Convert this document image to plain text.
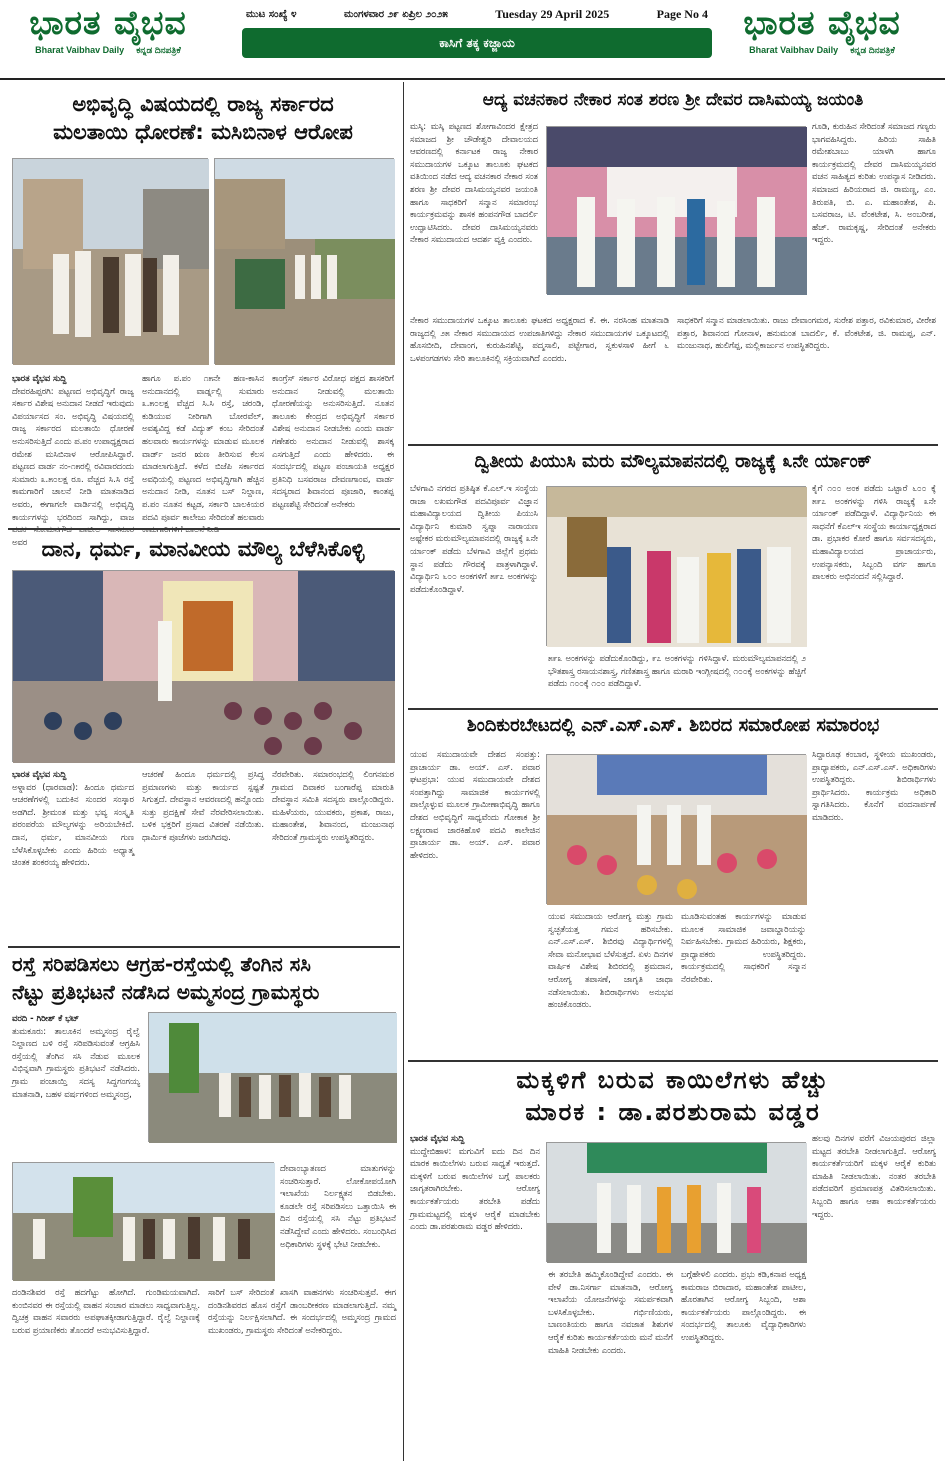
ಭಾರತ ವೈಭವ
Bharat Vaibhav Daily ಕನ್ನಡ ದಿನಪತ್ರಿಕೆ
ಮುಟ ಸಂಖ್ಯೆ ೪	ಮಂಗಳವಾರ ೨೯ ಏಪ್ರಿಲ ೨೦೨೫	Tuesday 29 April 2025	Page No 4
ಕಾಸಿಗೆ ತಕ್ಕ ಕಜ್ಜಾಯ
ಭಾರತ ವೈಭವ
Bharat Vaibhav Daily ಕನ್ನಡ ದಿನಪತ್ರಿಕೆ
ಅಭಿವೃದ್ಧಿ ವಿಷಯದಲ್ಲಿ ರಾಜ್ಯ ಸರ್ಕಾರದ
ಮಲತಾಯಿ ಧೋರಣೆ: ಮಸಿಬಿನಾಳ ಆರೋಪ
ಭಾರತ ವೈಭವ ಸುದ್ದಿ
ದೇವರಹಿಪ್ಪರಗಿ: ಪಟ್ಟಣದ ಅಭಿವೃದ್ಧಿಗೆ ರಾಜ್ಯ ಸರ್ಕಾರ ವಿಶೇಷ ಅನುದಾನ ನೀಡದೆ ಇರುವುದು ವಿಪರ್ಯಾಸದ ಸಂ. ಅಭಿವೃದ್ಧಿ ವಿಷಯದಲ್ಲಿ ರಾಜ್ಯ ಸರ್ಕಾರದ ಮಲತಾಯಿ ಧೋರಣೆ ಅನುಸರಿಸುತ್ತಿದೆ ಎಂದು ಪ.ಪಂ ಉಪಾಧ್ಯಕ್ಷರಾದ ರಮೇಶ ಮಸಿಬಿನಾಳ ಆರೋಪಿಸಿದ್ದಾರೆ. ಪಟ್ಟಣದ ವಾರ್ಡ ನಂ-೧೫ರಲ್ಲಿ ರವಿವಾರದಂದು ಸುಮಾರು ೩.೫೦ಲಕ್ಷ ರೂ. ವೆಚ್ಚದ ಸಿ.ಸಿ ರಸ್ತೆ ಕಾಮಗಾರಿಗೆ ಚಾಲನೆ ನೀಡಿ ಮಾತನಾಡಿದ ಅವರು, ಈಗಾಗಲೇ ವಾರ್ಡಿನಲ್ಲಿ ಅಭಿವೃದ್ಧಿ ಕಾರ್ಯಗಳನ್ನು ಭರದಿಂದ ಸಾಗಿದ್ದು, ವಾಜ ಅವರ
ಹಾಗೂ ಪ.ಪಂ ೧೫ನೇ ಹಣ-ಕಾಸಿನ ಅನುದಾನದಲ್ಲಿ ವಾರ್ಡ್ನಲ್ಲಿ ಸುಮಾರು ೩.೫೦ಲಕ್ಷ ವೆಚ್ಚದ ಸಿ.ಸಿ ರಸ್ತೆ, ಚರಂಡಿ, ಕುಡಿಯುವ ನೀರಿಗಾಗಿ ಬೋರವೆಲ್, ಅವಶ್ಯವಿದ್ದ ಕಡೆ ವಿದ್ಯುತ್ ಕಂಬ ಸೇರಿದಂತೆ ಹಲವಾರು ಕಾರ್ಯಗಳನ್ನು ಮಾಡುವ ಮೂಲಕ ವಾರ್ಡ್ ಜನರ ಋಣ ತೀರಿಸುವ ಕೆಲಸ ಮಾಡಲಾಗುತ್ತಿದೆ. ಕಳೆದ ಬಿಜೆಪಿ ಸರ್ಕಾರದ ಅವಧಿಯಲ್ಲಿ ಪಟ್ಟಣದ ಅಭಿವೃದ್ಧಿಗಾಗಿ ಹೆಚ್ಚಿನ ಅನುದಾನ ನೀಡಿ, ನೂತನ ಬಸ್ ನಿಲ್ದಾಣ, ಪ.ಪಂ ನೂತನ ಕಟ್ಟಡ, ಸರ್ಕಾರಿ ಬಾಲಕಿಯರ ಪದವಿ ಪೂರ್ವ ಕಾಲೇಜು ಸೇರಿದಂತೆ ಹಲವಾರು
ಕಾಂಗ್ರೆಸ್ ಸರ್ಕಾರ ವಿರೋಧ ಪಕ್ಷದ ಶಾಸಕರಿಗೆ ಅನುದಾನ ನೀಡುವಲ್ಲಿ ಮಲತಾಯಿ ಧೋರಣೆಯನ್ನು ಅನುಸರಿಸುತ್ತಿದೆ. ನೂತನ ತಾಲೂಕು ಕೇಂದ್ರದ ಅಭಿವೃದ್ಧಿಗೆ ಸರ್ಕಾರ ವಿಶೇಷ ಅನುದಾನ ನೀಡಬೇಕು ಎಂದು ವಾರ್ಡ ಗಣೇಶರು ಅನುದಾನ ನೀಡುವಲ್ಲಿ ಶಾಸಕ್ಕ ಎಸಗುತ್ತಿದೆ ಎಂದು ಹೇಳಿದರು. ಈ ಸಂದರ್ಭದಲ್ಲಿ ಪಟ್ಟಣ ಪಂಚಾಯತಿ ಅಧ್ಯಕ್ಷರ ಪ್ರತಿನಿಧಿ ಬಸವರಾಜ ದೇವಣಗಾಂವ, ವಾರ್ಡ ಸದಸ್ಯರಾದ ಶಿವಾನಂದ ಪೂಜಾರಿ, ಕಾಂತಪ್ಪ ಪಟ್ಟಣಶೆಟ್ಟಿ ಸೇರಿದಂತೆ ಅನೇಕರು
ದಾನ, ಧರ್ಮ, ಮಾನವೀಯ ಮೌಲ್ಯ ಬೆಳೆಸಿಕೊಳ್ಳಿ
ಭಾರತ ವೈಭವ ಸುದ್ದಿ
ಅಳ್ನಾವರ (ಧಾರವಾಡ): ಹಿಂದೂ ಧರ್ಮದ ಆಚರಣೆಗಳಲ್ಲಿ ಬದುಕಿನ ಸುಂದರ ಸಂಸ್ಕಾರ ಅಡಗಿದೆ. ಶ್ರೀಮಂತ ಮತ್ತು ಭವ್ಯ ಸಂಸ್ಕೃತಿ ಪರಂಪರೆಯ ಮೌಲ್ಯಗಳನ್ನು ಅರಿಯಬೇಕಿದೆ. ದಾನ, ಧರ್ಮ, ಮಾನವೀಯ ಗುಣ ಬೆಳೆಸಿಕೊಳ್ಳಬೇಕು ಎಂದು ಹಿರಿಯ ಅಧ್ಯಾತ್ಮ ಚಿಂತಕ ಶಂಕರಯ್ಯ ಹೇಳಿದರು.
ಆಚರಣೆ ಹಿಂದೂ ಧರ್ಮದಲ್ಲಿ ಪ್ರಸಿದ್ಧ ಪ್ರಮಾಣಗಳು ಮತ್ತು ಕಾರ್ಯದ ಸ್ಪಷ್ಟತೆ ಸಿಗುತ್ತದೆ. ದೇವಸ್ಥಾನ ಆವರಣದಲ್ಲಿ ಹನ್ನೊಂದು ಸುತ್ತು ಪ್ರದಕ್ಷಿಣೆ ಸೇವೆ ನೆರವೇರಿಸಲಾಯಿತು. ಬಳಿಕ ಭಕ್ತರಿಗೆ ಪ್ರಸಾದ ವಿತರಣೆ ನಡೆಯಿತು. ಧಾರ್ಮಿಕ ಪೂಜೆಗಳು ಜರುಗಿದವು.
ನೆರವೇರಿತು. ಸಮಾರಂಭದಲ್ಲಿ ಲಿಂಗನಮಠ ಗ್ರಾಮದ ದಿವಾಕರ ಬಂಗಾರೆಪ್ಪ ಮಾರುತಿ ದೇವಸ್ಥಾನ ಸಮಿತಿ ಸದಸ್ಯರು ಪಾಲ್ಗೊಂಡಿದ್ದರು. ಮಹಿಳೆಯರು, ಯುವಕರು, ಪ್ರಕಾಶ, ರಾಜು, ಮಹಾಂತೇಶ, ಶಿವಾನಂದ, ಮಂಜುನಾಥ ಸೇರಿದಂತೆ ಗ್ರಾಮಸ್ಥರು ಉಪಸ್ಥಿತರಿದ್ದರು.
ರಸ್ತೆ ಸರಿಪಡಿಸಲು ಆಗ್ರಹ-ರಸ್ತೆಯಲ್ಲಿ ತೆಂಗಿನ ಸಸಿ
ನೆಟ್ಟು ಪ್ರತಿಭಟನೆ ನಡೆಸಿದ ಅಮ್ಮಸಂದ್ರ ಗ್ರಾಮಸ್ಥರು
ವರದಿ - ಗಿರೀಶ್ ಕೆ ಭಟ್
ತುಮಕೂರು: ತಾಲೂಕಿನ ಅಮ್ಮಸಂದ್ರ ರೈಲ್ವೆ ನಿಲ್ದಾಣದ ಬಳಿ ರಸ್ತೆ ಸರಿಪಡಿಸುವಂತೆ ಆಗ್ರಹಿಸಿ ರಸ್ತೆಯಲ್ಲಿ ತೆಂಗಿನ ಸಸಿ ನೆಡುವ ಮೂಲಕ ವಿಭಿನ್ನವಾಗಿ ಗ್ರಾಮಸ್ಥರು ಪ್ರತಿಭಟನೆ ನಡೆಸಿದರು. ಗ್ರಾಮ ಪಂಚಾಯ್ತಿ ಸದಸ್ಯ ಸಿದ್ದಗಂಗಯ್ಯ ಮಾತನಾಡಿ, ಬಹಳ ವರ್ಷಗಳಿಂದ ಅಮ್ಮಸಂದ್ರ,
ದೇವಾಂಬ್ಯಾತಣದ ಮಾತುಗಳನ್ನು ಸಂಚರಿಸುತ್ತಾರೆ. ಲೋಕೋಪಯೋಗಿ ಇಲಾಖೆಯ ನಿರ್ಲಕ್ಷ್ಯತನ ಬಿಡಬೇಕು. ಕೂಡಲೇ ರಸ್ತೆ ಸರಿಪಡಿಸಲು ಒತ್ತಾಯಿಸಿ ಈ ದಿನ ರಸ್ತೆಯಲ್ಲಿ ಸಸಿ ನೆಟ್ಟು ಪ್ರತಿಭಟನೆ ನಡೆಸಿದ್ದೇವೆ ಎಂದು ಹೇಳಿದರು. ಸಂಬಂಧಿಸಿದ ಅಧಿಕಾರಿಗಳು ಸ್ಥಳಕ್ಕೆ ಭೇಟಿ ನೀಡಬೇಕು.
ದಂಡಿನಶಿವರ ರಸ್ತೆ ಹದಗೆಟ್ಟು ಹೋಗಿದೆ. ಗುಂಡಿಮಯವಾಗಿದೆ. ಕುಂಬಿನವರ ಈ ರಸ್ತೆಯಲ್ಲಿ ವಾಹನ ಸಂಚಾರ ಮಾಡಲು ಸಾಧ್ಯವಾಗುತ್ತಿಲ್ಲ. ದ್ವಿಚಕ್ರ ವಾಹನ ಸವಾರರು ಅಪಘಾತಕ್ಕೀಡಾಗುತ್ತಿದ್ದಾರೆ. ರೈಲ್ವೆ ನಿಲ್ದಾಣಕ್ಕೆ ಬರುವ ಪ್ರಯಾಣಿಕರು ತೊಂದರೆ ಅನುಭವಿಸುತ್ತಿದ್ದಾರೆ.
ಸಾರಿಗೆ ಬಸ್ ಸೇರಿದಂತೆ ಖಾಸಗಿ ವಾಹನಗಳು ಸಂಚರಿಸುತ್ತವೆ. ಈಗ ದಂಡಿನಶಿವರದ ಹೊಸ ರಸ್ತೆಗೆ ಡಾಂಬರೀಕರಣ ಮಾಡಲಾಗುತ್ತಿದೆ. ನಮ್ಮ ರಸ್ತೆಯನ್ನು ನಿರ್ಲಕ್ಷಿಸಲಾಗಿದೆ. ಈ ಸಂದರ್ಭದಲ್ಲಿ ಅಮ್ಮಸಂದ್ರ ಗ್ರಾಮದ ಮುಖಂಡರು, ಗ್ರಾಮಸ್ಥರು ಸೇರಿದಂತೆ ಅನೇಕರಿದ್ದರು.
ಆದ್ಯ ವಚನಕಾರ ನೇಕಾರ ಸಂತ ಶರಣ ಶ್ರೀ ದೇವರ ದಾಸಿಮಯ್ಯ ಜಯಂತಿ
ಮಸ್ಕಿ: ಮಸ್ಕಿ ಪಟ್ಟಣದ ಶೋಗಾವಿಂದರ ಕ್ಷೇತ್ರದ ಸಮಾಜದ ಶ್ರೀ ಚೌಡೇಶ್ವರಿ ದೇವಾಲಯದ ಆವರಣದಲ್ಲಿ ಕರ್ನಾಟಕ ರಾಜ್ಯ ನೇಕಾರ ಸಮುದಾಯಗಳ ಒಕ್ಕೂಟ ತಾಲೂಕು ಘಟಕದ ವತಿಯಿಂದ ನಡೆದ ಆದ್ಯ ವಚನಕಾರ ನೇಕಾರ ಸಂತ ಶರಣ ಶ್ರೀ ದೇವರ ದಾಸಿಮಯ್ಯನವರ ಜಯಂತಿ ಹಾಗೂ ಸಾಧಕರಿಗೆ ಸನ್ಮಾನ ಸಮಾರಂಭ ಕಾರ್ಯಕ್ರಮವನ್ನು ಶಾಸಕ ಹಂಪನಗೌಡ ಬಾದರ್ಲಿ ಉದ್ಘಾಟಿಸಿದರು. ದೇವರ ದಾಸಿಮಯ್ಯನವರು ನೇಕಾರ ಸಮುದಾಯದ ಆದರ್ಶ ವ್ಯಕ್ತಿ ಎಂದರು.
ಗೂಡಿ, ಕುರುಹಿನ ಸೇರಿದಂತೆ ಸಮಾಜದ ಗಣ್ಯರು ಭಾಗವಹಿಸಿದ್ದರು. ಹಿರಿಯ ಸಾಹಿತಿ ರಮೇಶಬಾಬು ಯಾಳಗಿ ಹಾಗೂ ಕಾರ್ಯಕ್ರಮದಲ್ಲಿ ದೇವರ ದಾಸಿಮಯ್ಯನವರ ವಚನ ಸಾಹಿತ್ಯದ ಕುರಿತು ಉಪನ್ಯಾಸ ನೀಡಿದರು. ಸಮಾಜದ ಹಿರಿಯರಾದ ಜಿ. ರಾಮಣ್ಣ, ಎಂ. ತಿರುಪತಿ, ಬಿ. ಎ. ಮಹಾಂತೇಶ, ಪಿ. ಬಸವರಾಜ, ಟಿ. ವೆಂಕಟೇಶ, ಸಿ. ಅಂಬರೀಶ, ಹೆಚ್. ರಾಮಕೃಷ್ಣ, ಸೇರಿದಂತೆ ಅನೇಕರು ಇದ್ದರು.
ನೇಕಾರ ಸಮುದಾಯಗಳ ಒಕ್ಕೂಟ ತಾಲೂಕು ಘಟಕದ ಅಧ್ಯಕ್ಷರಾದ ಕೆ. ಈ. ನರಸಿಂಹ ಮಾತನಾಡಿ ರಾಜ್ಯದಲ್ಲಿ ೨೫ ನೇಕಾರ ಸಮುದಾಯದ ಉಪಜಾತಿಗಳಿದ್ದು ನೇಕಾರ ಸಮುದಾಯಗಳ ಒಕ್ಕೂಟದಲ್ಲಿ ಹೊಸಬೀದಿ, ದೇವಾಂಗ, ಕುರುಹಿನಶೆಟ್ಟಿ, ಪದ್ಮಸಾಲಿ, ಪಟ್ಟೇಗಾರ, ಸ್ವಕುಳಸಾಳಿ ಹೀಗೆ ೬ ಒಳಪಂಗಡಗಳು ಸೇರಿ ತಾಲೂಕಿನಲ್ಲಿ ಸಕ್ರಿಯವಾಗಿದೆ ಎಂದರು.
ಸಾಧಕರಿಗೆ ಸನ್ಮಾನ ಮಾಡಲಾಯಿತು. ರಾಜು ದೇವಾಂಗಮಠ, ಸುರೇಶ ಪತ್ತಾರ, ರವಿಕುಮಾರ, ವೀರೇಶ ಪತ್ತಾರ, ಶಿವಾನಂದ ಗೋನಾಳ, ಹನುಮಂತ ಬಾದರ್ಲಿ, ಕೆ. ವೆಂಕಟೇಶ, ಜಿ. ರಾಮಪ್ಪ, ಎನ್. ಮಂಜುನಾಥ, ಹುಲಿಗೆಪ್ಪ, ಮಲ್ಲಿಕಾರ್ಜುನ ಉಪಸ್ಥಿತರಿದ್ದರು.
ದ್ವಿತೀಯ ಪಿಯುಸಿ ಮರು ಮೌಲ್ಯಮಾಪನದಲ್ಲಿ ರಾಜ್ಯಕ್ಕೆ ೩ನೇ ರ್ಯಾಂಕ್
ಬೆಳಗಾವಿ ನಗರದ ಪ್ರತಿಷ್ಠಿತ ಕೆ.ಎಲ್.ಇ ಸಂಸ್ಥೆಯ ರಾಜಾ ಲಖಮಗೌಡ ಪದವಿಪೂರ್ವ ವಿಜ್ಞಾನ ಮಹಾವಿದ್ಯಾಲಯದ ದ್ವಿತೀಯ ಪಿಯುಸಿ ವಿದ್ಯಾರ್ಥಿನಿ ಕುಮಾರಿ ಸ್ವಪ್ನಾ ನಾರಾಯಣ ಅಷ್ಟೇಕರ ಮರುಮೌಲ್ಯಮಾಪನದಲ್ಲಿ ರಾಜ್ಯಕ್ಕೆ ೩ನೇ ರ್ಯಾಂಕ್ ಪಡೆದು ಬೆಳಗಾವಿ ಜಿಲ್ಲೆಗೆ ಪ್ರಥಮ ಸ್ಥಾನ ಪಡೆದು ಗೌರವಕ್ಕೆ ಪಾತ್ರಳಾಗಿದ್ದಾಳೆ. ವಿದ್ಯಾರ್ಥಿನಿ ೬೦೦ ಅಂಕಗಳಿಗೆ ೫೯೭ ಅಂಕಗಳನ್ನು ಪಡೆದುಕೊಂಡಿದ್ದಾಳೆ.
ಕೈಗೆ ೧೦೦ ಅಂಕ ಪಡೆದು ಒಟ್ಟಾರೆ ೬೦೦ ಕ್ಕೆ ೫೯೭ ಅಂಕಗಳನ್ನು ಗಳಿಸಿ ರಾಜ್ಯಕ್ಕೆ ೩ನೇ ರ್ಯಾಂಕ್ ಪಡೆದಿದ್ದಾಳೆ. ವಿದ್ಯಾರ್ಥಿನಿಯ ಈ ಸಾಧನೆಗೆ ಕೆಎಲ್ಇ ಸಂಸ್ಥೆಯ ಕಾರ್ಯಾಧ್ಯಕ್ಷರಾದ ಡಾ. ಪ್ರಭಾಕರ ಕೋರೆ ಹಾಗೂ ಸರ್ವಸದಸ್ಯರು, ಮಹಾವಿದ್ಯಾಲಯದ ಪ್ರಾಚಾರ್ಯರು, ಉಪನ್ಯಾಸಕರು, ಸಿಬ್ಬಂದಿ ವರ್ಗ ಹಾಗೂ ಪಾಲಕರು ಅಭಿನಂದನೆ ಸಲ್ಲಿಸಿದ್ದಾರೆ.
೫೯೩ ಅಂಕಗಳನ್ನು ಪಡೆದುಕೊಂಡಿದ್ದು, ೯೭ ಅಂಕಗಳನ್ನು ಗಳಿಸಿದ್ದಾಳೆ. ಮರುಮೌಲ್ಯಮಾಪನದಲ್ಲಿ ೨ ಭೌತಶಾಸ್ತ್ರ ರಸಾಯನಶಾಸ್ತ್ರ, ಗಣಿತಶಾಸ್ತ್ರ ಹಾಗೂ ಮರಾಠಿ ಇಂಗ್ಲೀಷದಲ್ಲಿ ೧೦೦ಕ್ಕೆ ಅಂಕಗಳನ್ನು ಹೆಚ್ಚಿಗೆ ಪಡೆದು ೧೦೦ಕ್ಕೆ ೧೦೦ ಪಡೆದಿದ್ದಾಳೆ.
ಶಿಂದಿಕುರಬೇಟದಲ್ಲಿ ಎನ್.ಎಸ್.ಎಸ್. ಶಿಬಿರದ ಸಮಾರೋಪ ಸಮಾರಂಭ
ಯುವ ಸಮುದಾಯವೇ ದೇಶದ ಸಂಪತ್ತು: ಪ್ರಾಚಾರ್ಯ ಡಾ. ಅಯ್. ಎಸ್. ಪವಾರ ಘಟಪ್ರಭಾ: ಯುವ ಸಮುದಾಯವೇ ದೇಶದ ಸಂಪತ್ತಾಗಿದ್ದು ಸಾಮಾಜಿಕ ಕಾರ್ಯಗಳಲ್ಲಿ ಪಾಲ್ಗೊಳ್ಳುವ ಮೂಲಕ ಗ್ರಾಮೀಣಾಭಿವೃದ್ಧಿ ಹಾಗೂ ದೇಶದ ಅಭಿವೃದ್ಧಿಗೆ ಸಾಧ್ಯವೆಂದು ಗೋಕಾಕ ಶ್ರೀ ಲಕ್ಷ್ಮಣರಾವ ಜಾರಕಿಹೊಳಿ ಪದವಿ ಕಾಲೇಜಿನ ಪ್ರಾಚಾರ್ಯ ಡಾ. ಅಯ್. ಎಸ್. ಪವಾರ ಹೇಳಿದರು.
ಸಿದ್ದಾರೂಢ ಕಂಬಾರ, ಸ್ಥಳೀಯ ಮುಖಂಡರು, ಪ್ರಾಧ್ಯಾಪಕರು, ಎನ್.ಎಸ್.ಎಸ್. ಅಧಿಕಾರಿಗಳು ಉಪಸ್ಥಿತರಿದ್ದರು. ಶಿಬಿರಾರ್ಥಿಗಳು ಪ್ರಾರ್ಥಿಸಿದರು. ಕಾರ್ಯಕ್ರಮ ಅಧಿಕಾರಿ ಸ್ವಾಗತಿಸಿದರು. ಕೊನೆಗೆ ವಂದನಾರ್ಪಣೆ ಮಾಡಿದರು.
ಯುವ ಸಮುದಾಯ ಆರೋಗ್ಯ ಮತ್ತು ಗ್ರಾಮ ಸ್ವಚ್ಛತೆಯತ್ತ ಗಮನ ಹರಿಸಬೇಕು. ಎನ್.ಎಸ್.ಎಸ್. ಶಿಬಿರವು ವಿದ್ಯಾರ್ಥಿಗಳಲ್ಲಿ ಸೇವಾ ಮನೋಭಾವ ಬೆಳೆಸುತ್ತದೆ. ಏಳು ದಿನಗಳ ವಾರ್ಷಿಕ ವಿಶೇಷ ಶಿಬಿರದಲ್ಲಿ ಶ್ರಮದಾನ, ಆರೋಗ್ಯ ತಪಾಸಣೆ, ಜಾಗೃತಿ ಜಾಥಾ ನಡೆಸಲಾಯಿತು. ಶಿಬಿರಾರ್ಥಿಗಳು ಅನುಭವ ಹಂಚಿಕೊಂಡರು.
ಮೂಡಿಸುವಂತಹ ಕಾರ್ಯಗಳನ್ನು ಮಾಡುವ ಮೂಲಕ ಸಾಮಾಜಿಕ ಜವಾಬ್ದಾರಿಯನ್ನು ನಿರ್ವಹಿಸಬೇಕು. ಗ್ರಾಮದ ಹಿರಿಯರು, ಶಿಕ್ಷಕರು, ಪ್ರಾಧ್ಯಾಪಕರು ಉಪಸ್ಥಿತರಿದ್ದರು. ಕಾರ್ಯಕ್ರಮದಲ್ಲಿ ಸಾಧಕರಿಗೆ ಸನ್ಮಾನ ನೆರವೇರಿತು.
ಮಕ್ಕಳಿಗೆ ಬರುವ ಕಾಯಿಲೆಗಳು ಹೆಚ್ಚು
ಮಾರಕ : ಡಾ.ಪರಶುರಾಮ ವಡ್ಡರ
ಭಾರತ ವೈಭವ ಸುದ್ದಿ
ಮುದ್ದೇಬಿಹಾಳ: ಮಗುವಿಗೆ ಐದು ದಿನ ದಿನ ಮಾರಕ ಕಾಯಿಲೆಗಳು ಬರುವ ಸಾಧ್ಯತೆ ಇರುತ್ತದೆ. ಮಕ್ಕಳಿಗೆ ಬರುವ ಕಾಯಿಲೆಗಳ ಬಗ್ಗೆ ಪಾಲಕರು ಜಾಗೃತರಾಗಿರಬೇಕು. ಆರೋಗ್ಯ ಕಾರ್ಯಕರ್ತೆಯರು ತರಬೇತಿ ಪಡೆದು ಗ್ರಾಮಮಟ್ಟದಲ್ಲಿ ಮಕ್ಕಳ ಆರೈಕೆ ಮಾಡಬೇಕು ಎಂದು ಡಾ.ಪರಶುರಾಮ ವಡ್ಡರ ಹೇಳಿದರು.
ಹಲವು ದಿನಗಳ ವರೆಗೆ ವಿಜಯಪುರದ ಜಿಲ್ಲಾ ಮಟ್ಟದ ತರಬೇತಿ ನೀಡಲಾಗುತ್ತಿದೆ. ಆರೋಗ್ಯ ಕಾರ್ಯಕರ್ತೆಯರಿಗೆ ಮಕ್ಕಳ ಆರೈಕೆ ಕುರಿತು ಮಾಹಿತಿ ನೀಡಲಾಯಿತು. ನಂತರ ತರಬೇತಿ ಪಡೆದವರಿಗೆ ಪ್ರಮಾಣಪತ್ರ ವಿತರಿಸಲಾಯಿತು. ಸಿಬ್ಬಂದಿ ಹಾಗೂ ಆಶಾ ಕಾರ್ಯಕರ್ತೆಯರು ಇದ್ದರು.
ಈ ತರಬೇತಿ ಹಮ್ಮಿಕೊಂಡಿದ್ದೇವೆ ಎಂದರು. ಈ ವೇಳೆ ಡಾ.ನಿಸರ್ಗಾ ಮಾತನಾಡಿ, ಆರೋಗ್ಯ ಇಲಾಖೆಯ ಯೋಜನೆಗಳನ್ನು ಸಮರ್ಪಕವಾಗಿ ಬಳಸಿಕೊಳ್ಳಬೇಕು. ಗರ್ಭಿಣಿಯರು, ಬಾಣಂತಿಯರು ಹಾಗೂ ನವಜಾತ ಶಿಶುಗಳ ಆರೈಕೆ ಕುರಿತು ಕಾರ್ಯಕರ್ತೆಯರು ಮನೆ ಮನೆಗೆ ಮಾಹಿತಿ ನೀಡಬೇಕು ಎಂದರು.
ಬಗ್ಗೆಹೇಳಲಿ ಎಂದರು. ಪ್ರಭು ಕಡಿ,ಕನಾಪ ಅಧ್ಯಕ್ಷ ಕಾಮರಾಜ ಬಿರಾದಾರ, ಮಹಾಂತೇಶ ಪಾಟೀಲ, ಹೊರತಾಗಿನ ಆರೋಗ್ಯ ಸಿಬ್ಬಂದಿ, ಆಶಾ ಕಾರ್ಯಕರ್ತೆಯರು ಪಾಲ್ಗೊಂಡಿದ್ದರು. ಈ ಸಂದರ್ಭದಲ್ಲಿ ತಾಲೂಕು ವೈದ್ಯಾಧಿಕಾರಿಗಳು ಉಪಸ್ಥಿತರಿದ್ದರು.
